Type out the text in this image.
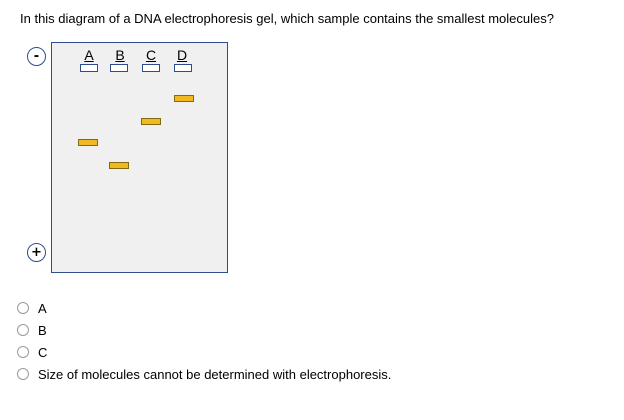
In this diagram of a DNA electrophoresis gel, which sample contains the smallest molecules?
-
+
A	B	C	D
A
B
C
Size of molecules cannot be determined with electrophoresis.
